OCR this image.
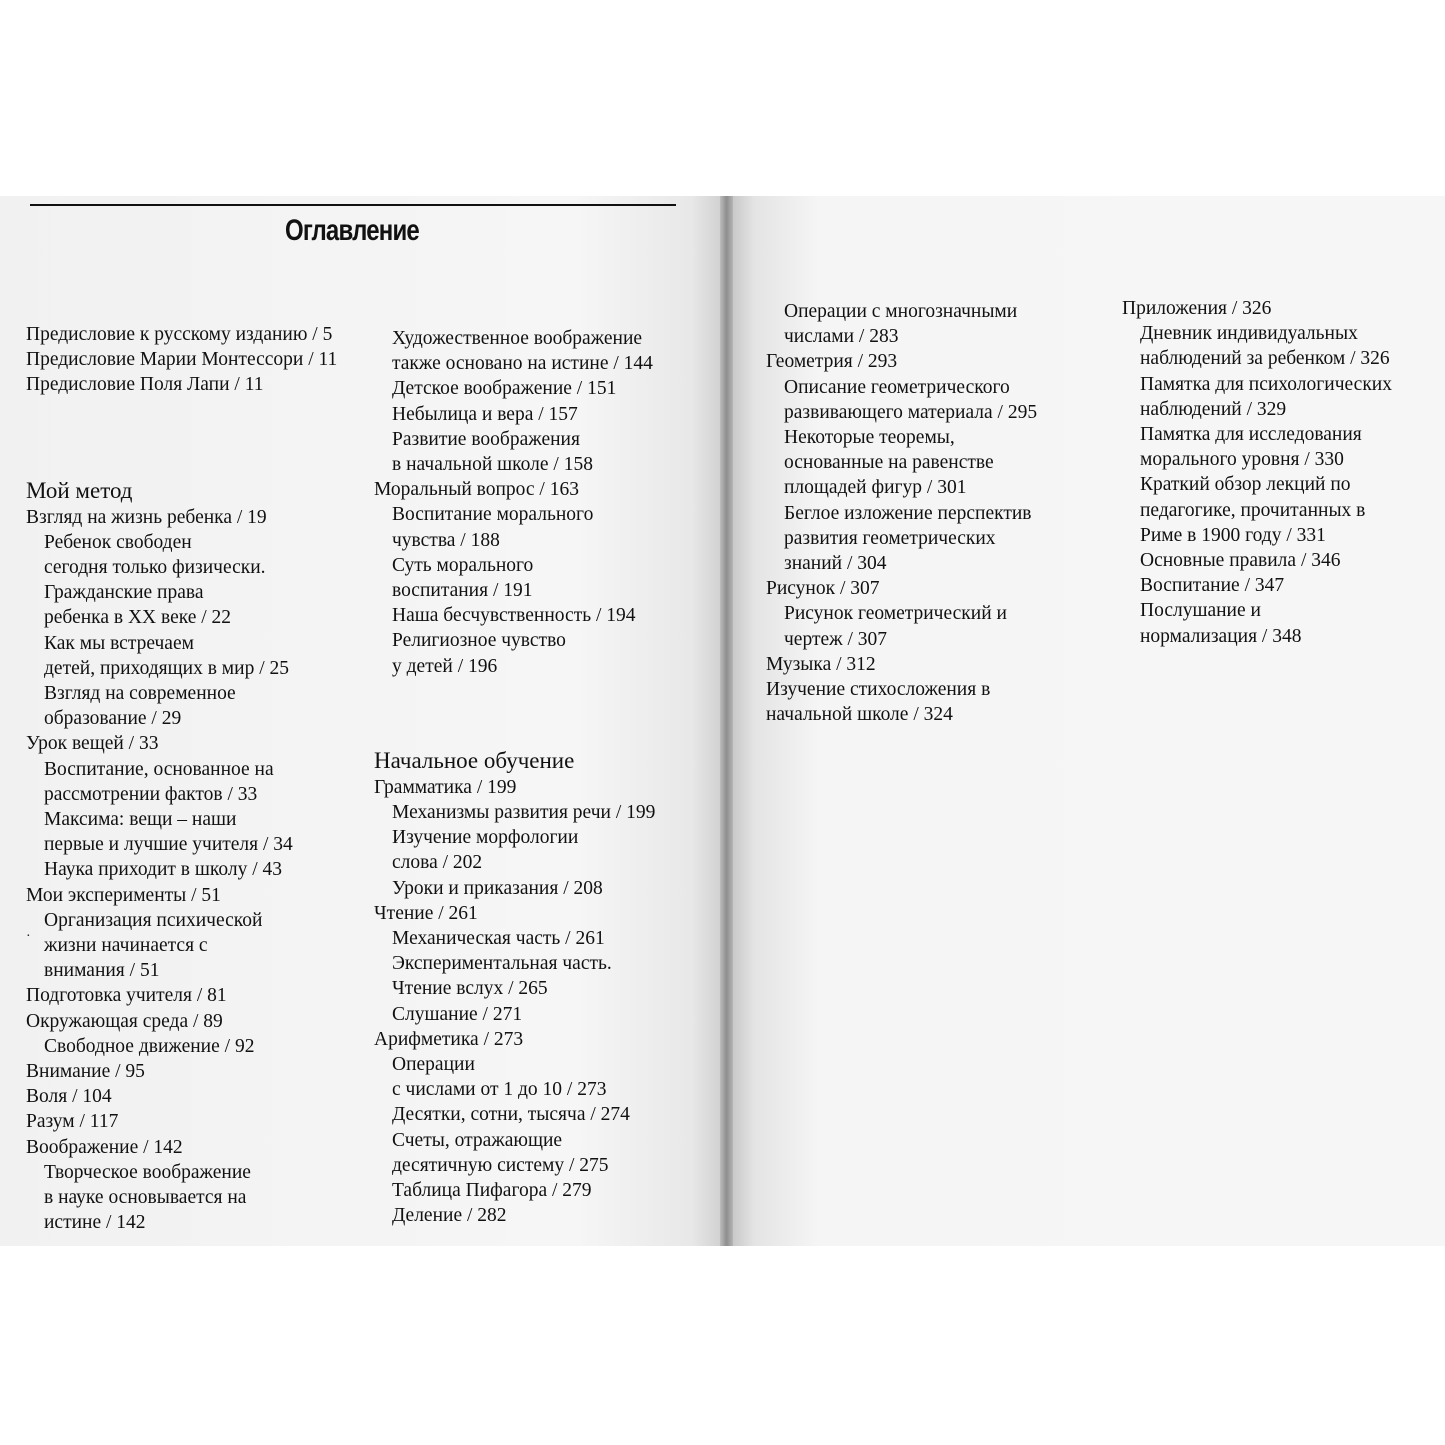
Оглавление
Предисловие к русскому изданию / 5
Предисловие Марии Монтессори / 11
Предисловие Поля Лапи / 11
Мой метод
Взгляд на жизнь ребенка / 19
Ребенок свободен
сегодня только физически.
Гражданские права
ребенка в XX веке / 22
Как мы встречаем
детей, приходящих в мир / 25
Взгляд на современное
образование / 29
Урок вещей / 33
Воспитание, основанное на
рассмотрении фактов / 33
Максима: вещи – наши
первые и лучшие учителя / 34
Наука приходит в школу / 43
Мои эксперименты / 51
Организация психической
жизни начинается с
внимания / 51
Подготовка учителя / 81
Окружающая среда / 89
Свободное движение / 92
Внимание / 95
Воля / 104
Разум / 117
Воображение / 142
Творческое воображение
в науке основывается на
истине / 142
·
Художественное воображение
также основано на истине / 144
Детское воображение / 151
Небылица и вера / 157
Развитие воображения
в начальной школе / 158
Моральный вопрос / 163
Воспитание морального
чувства / 188
Суть морального
воспитания / 191
Наша бесчувственность / 194
Религиозное чувство
у детей / 196
Начальное обучение
Грамматика / 199
Механизмы развития речи / 199
Изучение морфологии
слова / 202
Уроки и приказания / 208
Чтение / 261
Механическая часть / 261
Экспериментальная часть.
Чтение вслух / 265
Слушание / 271
Арифметика / 273
Операции
с числами от 1 до 10 / 273
Десятки, сотни, тысяча / 274
Счеты, отражающие
десятичную систему / 275
Таблица Пифагора / 279
Деление / 282
Операции с многозначными
числами / 283
Геометрия / 293
Описание геометрического
развивающего материала / 295
Некоторые теоремы,
основанные на равенстве
площадей фигур / 301
Беглое изложение перспектив
развития геометрических
знаний / 304
Рисунок / 307
Рисунок геометрический и
чертеж / 307
Музыка / 312
Изучение стихосложения в
начальной школе / 324
Приложения / 326
Дневник индивидуальных
наблюдений за ребенком / 326
Памятка для психологических
наблюдений / 329
Памятка для исследования
морального уровня / 330
Краткий обзор лекций по
педагогике, прочитанных в
Риме в 1900 году / 331
Основные правила / 346
Воспитание / 347
Послушание и
нормализация / 348
